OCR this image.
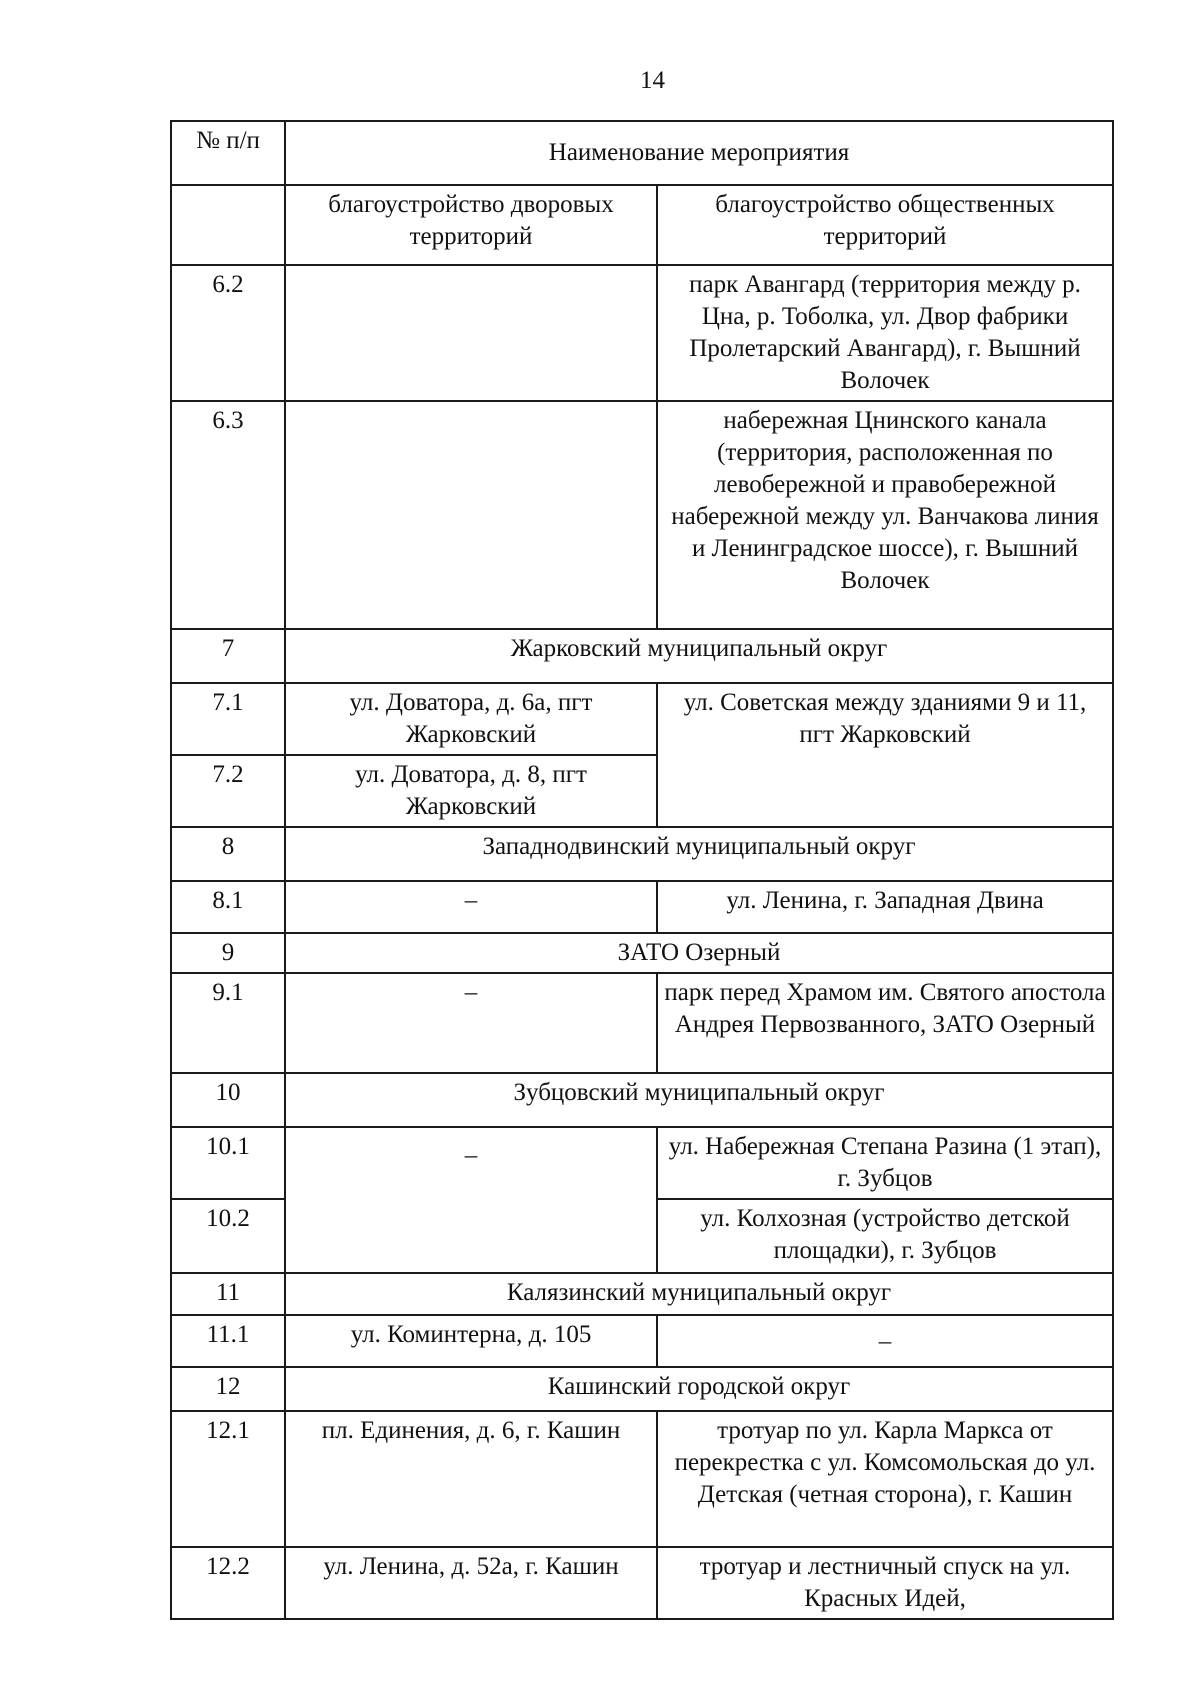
14
№ п/п	Наименование мероприятия	
	благоустройство дворовых территорий	благоустройство общественных территорий
6.2		парк Авангард (территория между р. Цна, р. Тоболка, ул. Двор фабрики Пролетарский Авангард), г. Вышний Волочек
6.3		набережная Цнинского канала (территория, расположенная по левобережной и правобережной набережной между ул. Ванчакова линия и Ленинградское шоссе), г. Вышний Волочек
7	Жарковский муниципальный округ	
7.1	ул. Доватора, д. 6а, пгт Жарковский	ул. Советская между зданиями 9 и 11, пгт Жарковский
7.2	ул. Доватора, д. 8, пгт Жарковский	
8	Западнодвинский муниципальный округ	
8.1	–	ул. Ленина, г. Западная Двина
9	ЗАТО Озерный	
9.1	–	парк перед Храмом им. Святого апостола Андрея Первозванного, ЗАТО Озерный
10	Зубцовский муниципальный округ	
10.1	–	ул. Набережная Степана Разина (1 этап), г. Зубцов
10.2		ул. Колхозная (устройство детской площадки), г. Зубцов
11	Калязинский муниципальный округ	
11.1	ул. Коминтерна, д. 105	–
12	Кашинский городской округ	
12.1	пл. Единения, д. 6, г. Кашин	тротуар по ул. Карла Маркса от перекрестка с ул. Комсомольская до ул. Детская (четная сторона), г. Кашин
12.2	ул. Ленина, д. 52а, г. Кашин	тротуар и лестничный спуск на ул. Красных Идей,
